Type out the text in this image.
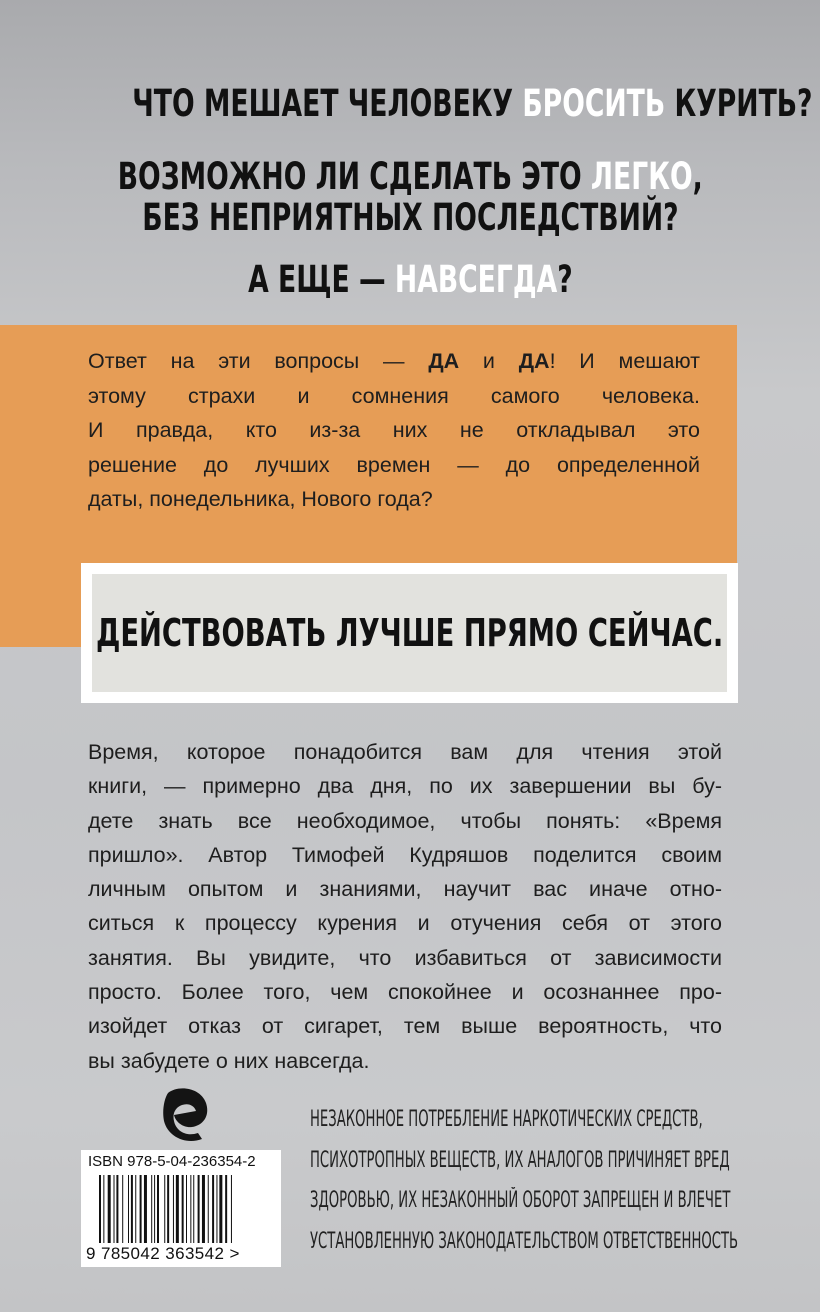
ЧТО МЕШАЕТ ЧЕЛОВЕКУ БРОСИТЬ КУРИТЬ?
ВОЗМОЖНО ЛИ СДЕЛАТЬ ЭТО ЛЕГКО,
БЕЗ НЕПРИЯТНЫХ ПОСЛЕДСТВИЙ?
А ЕЩЕ — НАВСЕГДА?
Ответ на эти вопросы — ДА и ДА! И мешают
этому страхи и сомнения самого человека.
И правда, кто из-за них не откладывал это
решение до лучших времен — до определенной
даты, понедельника, Нового года?
ДЕЙСТВОВАТЬ ЛУЧШЕ ПРЯМО СЕЙЧАС.
Время, которое понадобится вам для чтения этой
книги, — примерно два дня, по их завершении вы бу-
дете знать все необходимое, чтобы понять: «Время
пришло». Автор Тимофей Кудряшов поделится своим
личным опытом и знаниями, научит вас иначе отно-
ситься к процессу курения и отучения себя от этого
занятия. Вы увидите, что избавиться от зависимости
просто. Более того, чем спокойнее и осознаннее про-
изойдет отказ от сигарет, тем выше вероятность, что
вы забудете о них навсегда.
ISBN 978-5-04-236354-2
9 785042 363542 >
НЕЗАКОННОЕ ПОТРЕБЛЕНИЕ НАРКОТИЧЕСКИХ СРЕДСТВ,
ПСИХОТРОПНЫХ ВЕЩЕСТВ, ИХ АНАЛОГОВ ПРИЧИНЯЕТ ВРЕД
ЗДОРОВЬЮ, ИХ НЕЗАКОННЫЙ ОБОРОТ ЗАПРЕЩЕН И ВЛЕЧЕТ
УСТАНОВЛЕННУЮ ЗАКОНОДАТЕЛЬСТВОМ ОТВЕТСТВЕННОСТЬ
